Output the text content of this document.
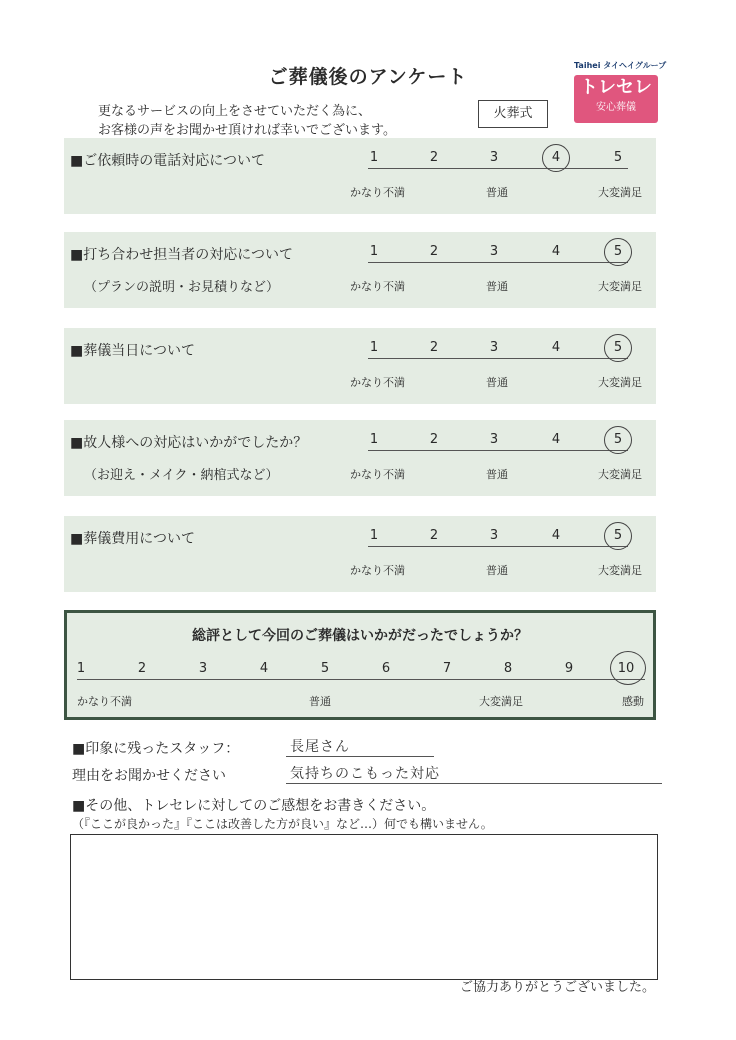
ご葬儀後のアンケート
更なるサービスの向上をさせていただく為に、
お客様の声をお聞かせ頂ければ幸いでございます。
火葬式
Taihei タイヘイグループ
トレセレ
安心葬儀
■ご依頼時の電話対応について	1	2	3	4	5
かなり不満	普通	大変満足
■打ち合わせ担当者の対応について
（プランの説明・お見積りなど）
1	2	3	4	5
かなり不満	普通	大変満足
■葬儀当日について	1	2	3	4	5
かなり不満	普通	大変満足
■故人様への対応はいかがでしたか？
（お迎え・メイク・納棺式など）
1	2	3	4	5
かなり不満	普通	大変満足
■葬儀費用について	1	2	3	4	5
かなり不満	普通	大変満足
総評として今回のご葬儀はいかがだったでしょうか？
1	2	3	4	5	6	7	8	9	10
かなり不満	普通	大変満足	感動
■印象に残ったスタッフ：	長尾さん
理由をお聞かせください	気持ちのこもった対応
■その他、トレセレに対してのご感想をお書きください。
（『ここが良かった』『ここは改善した方が良い』など…）何でも構いません。
ご協力ありがとうございました。
